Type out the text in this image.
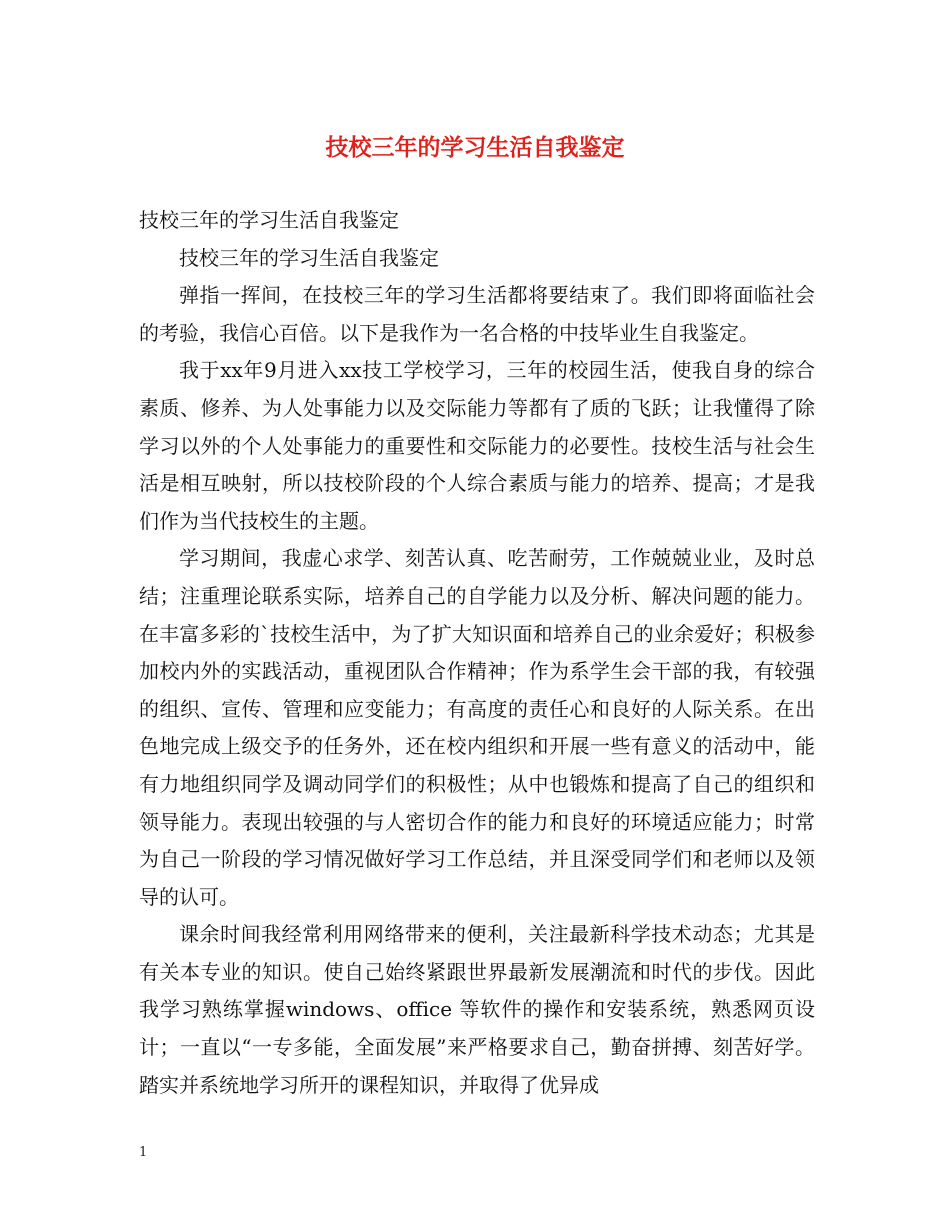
技校三年的学习生活自我鉴定

技校三年的学习生活自我鉴定

技校三年的学习生活自我鉴定

弹指一挥间，在技校三年的学习生活都将要结束了。我们即将面临社会的考验，我信心百倍。以下是我作为一名合格的中技毕业生自我鉴定。

我于xx年9月进入xx技工学校学习，三年的校园生活，使我自身的综合素质、修养、为人处事能力以及交际能力等都有了质的飞跃；让我懂得了除学习以外的个人处事能力的重要性和交际能力的必要性。技校生活与社会生活是相互映射，所以技校阶段的个人综合素质与能力的培养、提高；才是我们作为当代技校生的主题。

学习期间，我虚心求学、刻苦认真、吃苦耐劳，工作兢兢业业，及时总结；注重理论联系实际，培养自己的自学能力以及分析、解决问题的能力。在丰富多彩的`技校生活中，为了扩大知识面和培养自己的业余爱好；积极参加校内外的实践活动，重视团队合作精神；作为系学生会干部的我，有较强的组织、宣传、管理和应变能力；有高度的责任心和良好的人际关系。在出色地完成上级交予的任务外，还在校内组织和开展一些有意义的活动中，能有力地组织同学及调动同学们的积极性；从中也锻炼和提高了自己的组织和领导能力。表现出较强的与人密切合作的能力和良好的环境适应能力；时常为自己一阶段的学习情况做好学习工作总结，并且深受同学们和老师以及领导的认可。

课余时间我经常利用网络带来的便利，关注最新科学技术动态；尤其是有关本专业的知识。使自己始终紧跟世界最新发展潮流和时代的步伐。因此我学习熟练掌握windows、office 等软件的操作和安装系统，熟悉网页设计；一直以“一专多能，全面发展”来严格要求自己，勤奋拼搏、刻苦好学。踏实并系统地学习所开的课程知识，并取得了优异成

1
